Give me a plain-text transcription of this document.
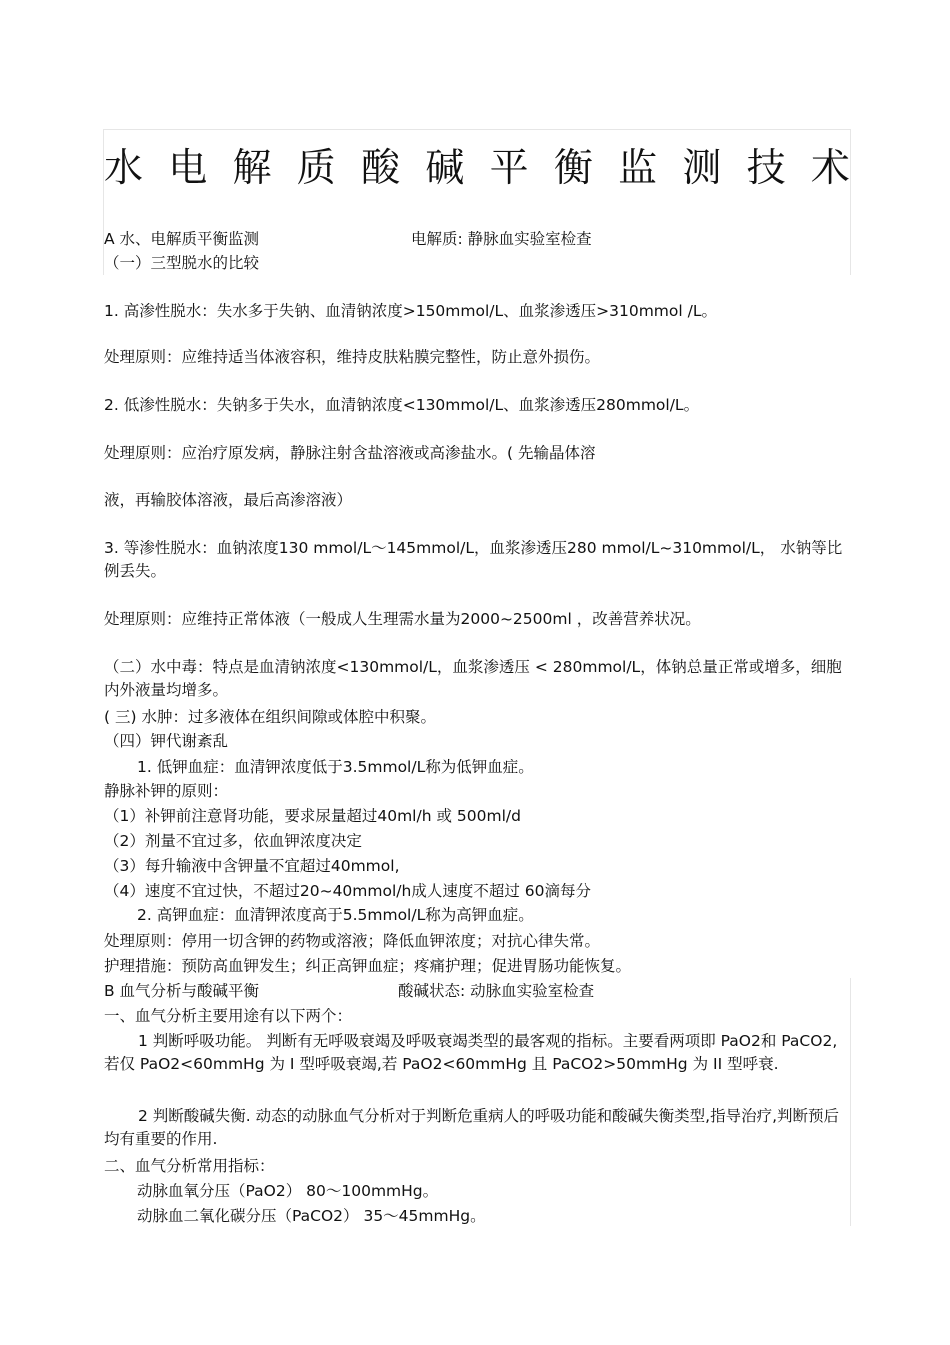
水 电 解 质 酸 碱 平 衡 监 测 技 术
A 水、电解质平衡监测	电解质: 静脉血实验室检查

（一）三型脱水的比较

1. 高渗性脱水：失水多于失钠、血清钠浓度>150mmol/L、血浆渗透压>310mmol /L。

处理原则：应维持适当体液容积，维持皮肤粘膜完整性，防止意外损伤。

2. 低渗性脱水：失钠多于失水，血清钠浓度<130mmol/L、血浆渗透压280mmol/L。

处理原则：应治疗原发病，静脉注射含盐溶液或高渗盐水。( 先输晶体溶

液，再输胶体溶液，最后高渗溶液）

3. 等渗性脱水：血钠浓度130 mmol/L～145mmol/L，血浆渗透压280 mmol/L~310mmol/L， 水钠等比例丢失。

处理原则：应维持正常体液（一般成人生理需水量为2000~2500ml ，改善营养状况。

（二）水中毒：特点是血清钠浓度<130mmol/L，血浆渗透压 < 280mmol/L，体钠总量正常或增多，细胞内外液量均增多。

( 三) 水肿：过多液体在组织间隙或体腔中积聚。

（四）钾代谢紊乱

1. 低钾血症：血清钾浓度低于3.5mmol/L称为低钾血症。

静脉补钾的原则：

（1）补钾前注意肾功能，要求尿量超过40ml/h 或 500ml/d

（2）剂量不宜过多，依血钾浓度决定

（3）每升输液中含钾量不宜超过40mmol,

（4）速度不宜过快，不超过20~40mmol/h成人速度不超过 60滴每分

2. 高钾血症：血清钾浓度高于5.5mmol/L称为高钾血症。

处理原则：停用一切含钾的药物或溶液；降低血钾浓度；对抗心律失常。

护理措施：预防高血钾发生；纠正高钾血症；疼痛护理；促进胃肠功能恢复。

B 血气分析与酸碱平衡	酸碱状态: 动脉血实验室检查

一、血气分析主要用途有以下两个：

1 判断呼吸功能。 判断有无呼吸衰竭及呼吸衰竭类型的最客观的指标。主要看两项即 PaO2和 PaCO2,若仅 PaO2<60mmHg 为 I 型呼吸衰竭,若 PaO2<60mmHg 且 PaCO2>50mmHg 为 II 型呼衰.

2 判断酸碱失衡. 动态的动脉血气分析对于判断危重病人的呼吸功能和酸碱失衡类型,指导治疗,判断预后均有重要的作用.

二、血气分析常用指标：

动脉血氧分压（PaO2） 80～100mmHg。

动脉血二氧化碳分压（PaCO2） 35～45mmHg。
